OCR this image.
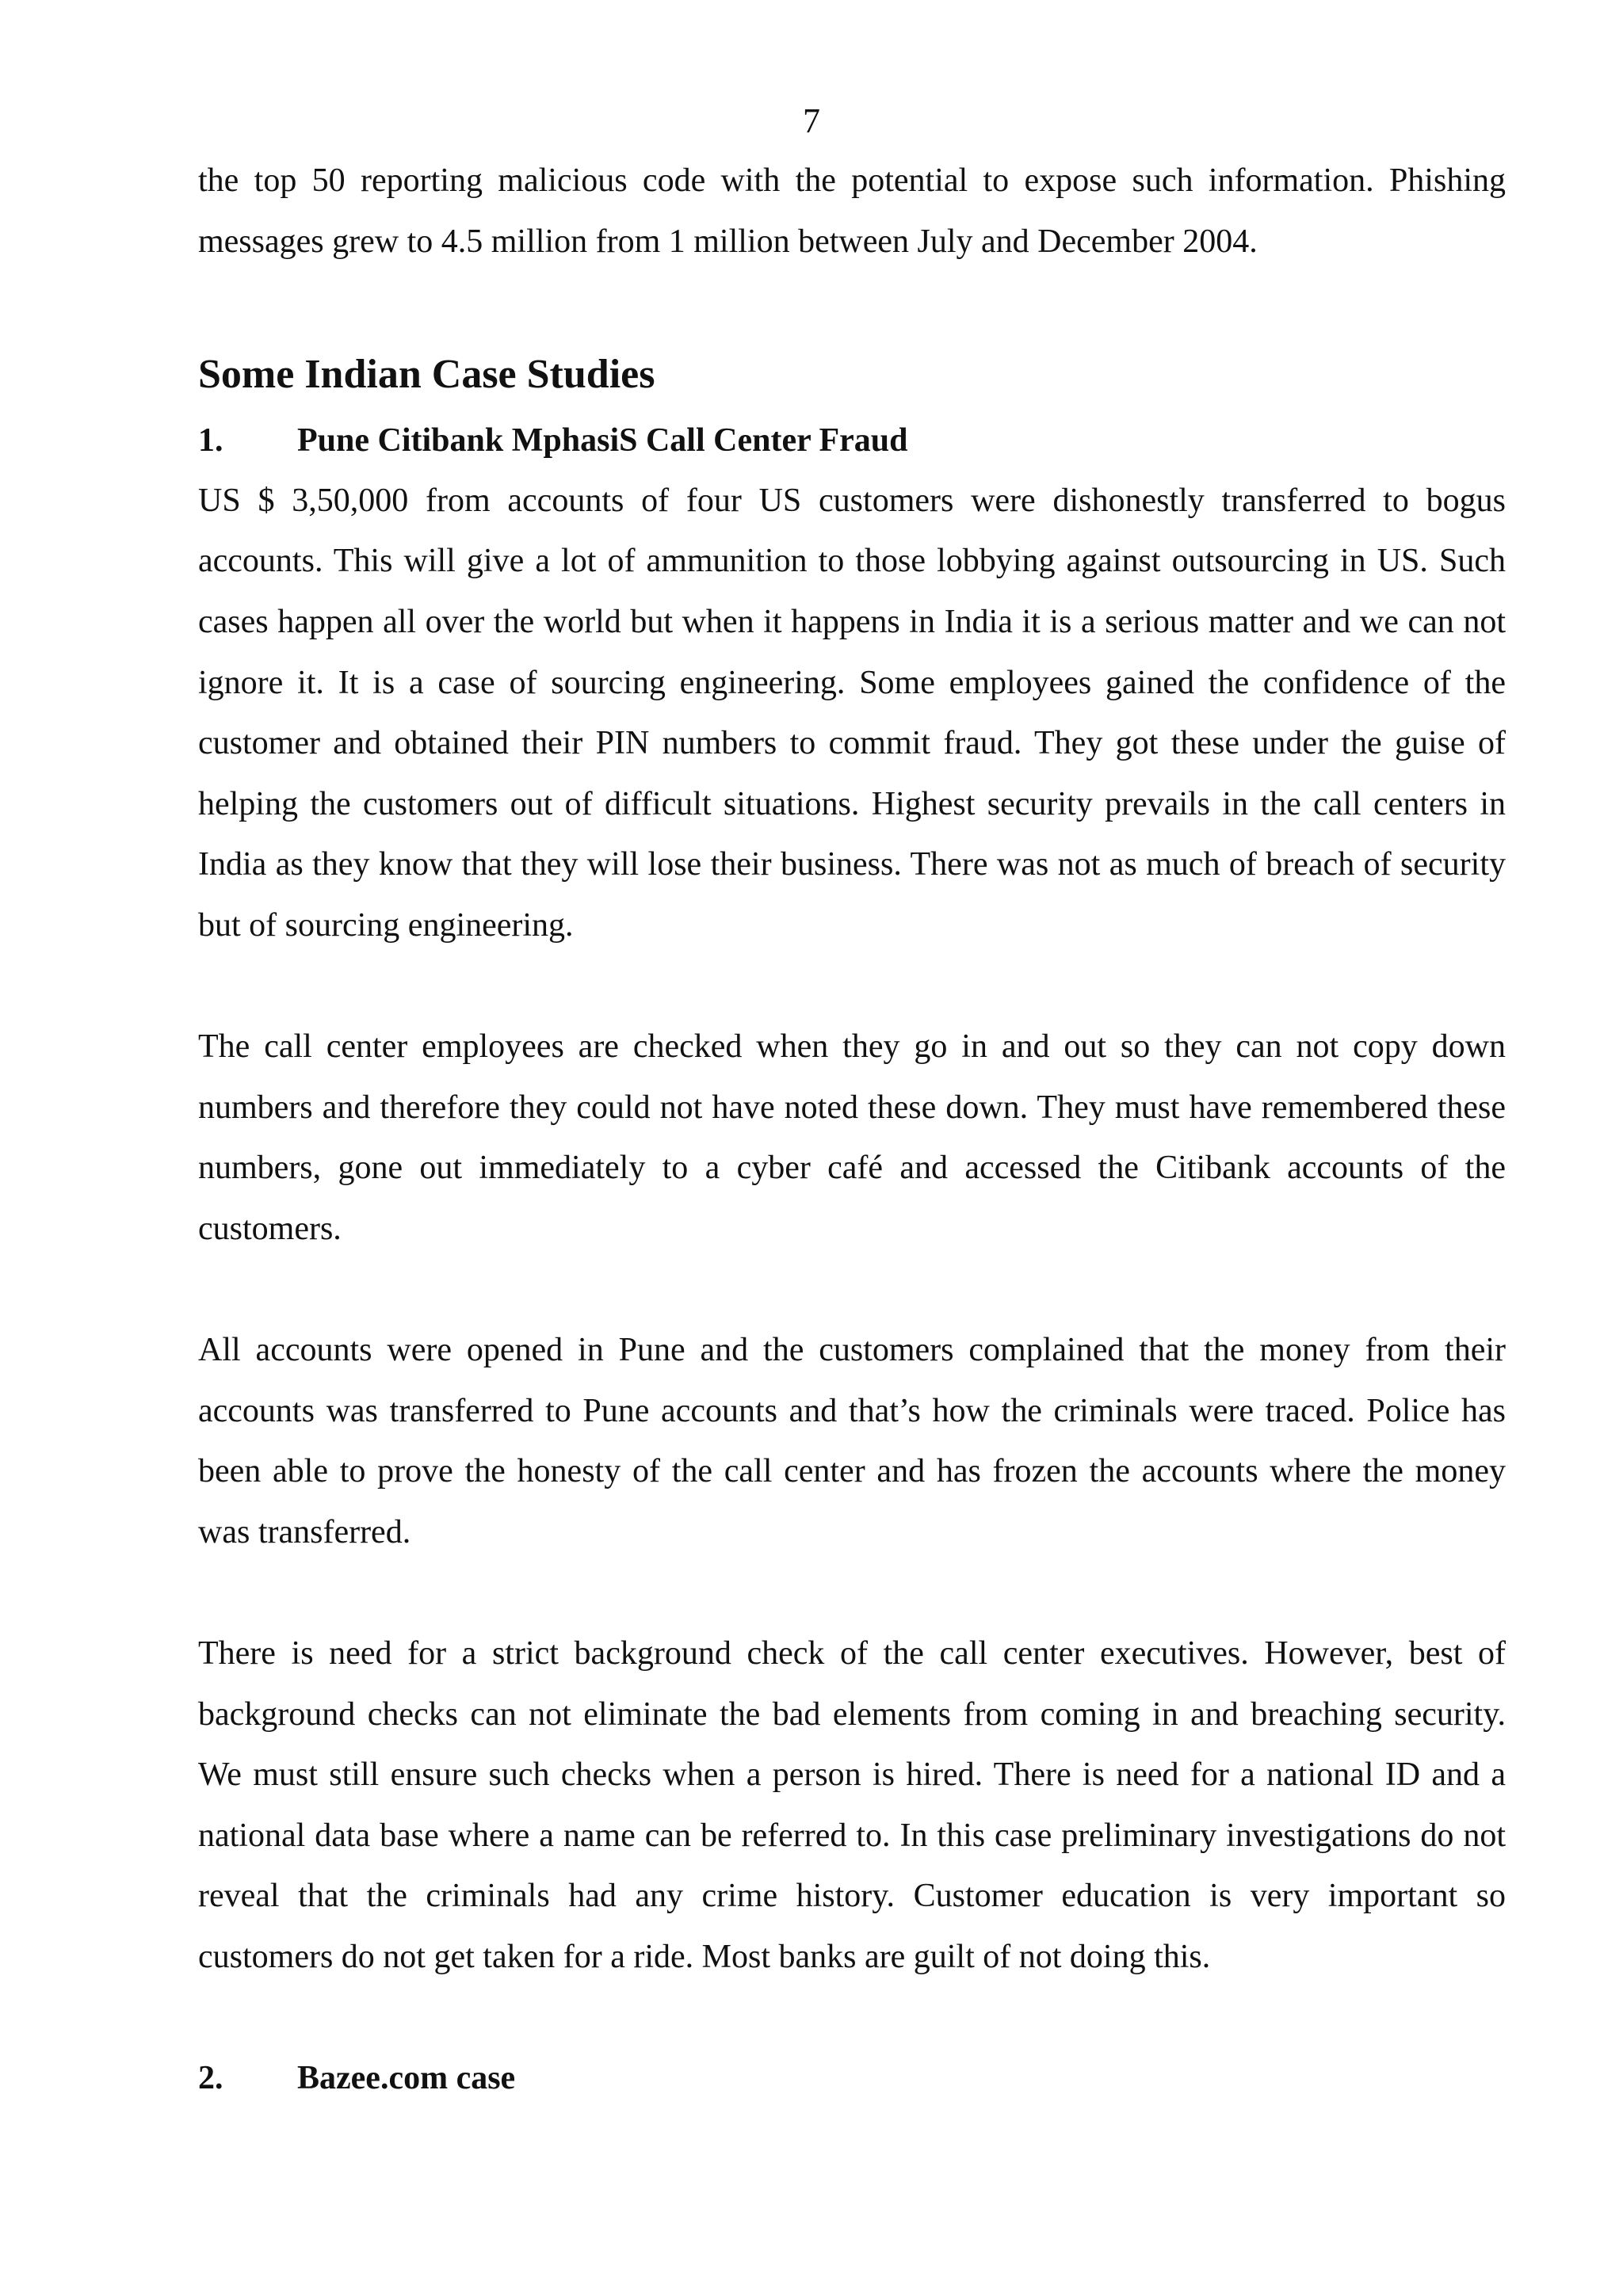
7

the top 50 reporting malicious code with the potential to expose such information. Phishing messages grew to 4.5 million from 1 million between July and December 2004.

Some Indian Case Studies
1. Pune Citibank MphasiS Call Center Fraud

US $ 3,50,000 from accounts of four US customers were dishonestly transferred to bogus accounts. This will give a lot of ammunition to those lobbying against outsourcing in US. Such cases happen all over the world but when it happens in India it is a serious matter and we can not ignore it. It is a case of sourcing engineering. Some employees gained the confidence of the customer and obtained their PIN numbers to commit fraud. They got these under the guise of helping the customers out of difficult situations. Highest security prevails in the call centers in India as they know that they will lose their business. There was not as much of breach of security but of sourcing engineering.

The call center employees are checked when they go in and out so they can not copy down numbers and therefore they could not have noted these down. They must have remembered these numbers, gone out immediately to a cyber café and accessed the Citibank accounts of the customers.

All accounts were opened in Pune and the customers complained that the money from their accounts was transferred to Pune accounts and that’s how the criminals were traced. Police has been able to prove the honesty of the call center and has frozen the accounts where the money was transferred.

There is need for a strict background check of the call center executives. However, best of background checks can not eliminate the bad elements from coming in and breaching security. We must still ensure such checks when a person is hired. There is need for a national ID and a national data base where a name can be referred to. In this case preliminary investigations do not reveal that the criminals had any crime history. Customer education is very important so customers do not get taken for a ride. Most banks are guilt of not doing this.

2. Bazee.com case
